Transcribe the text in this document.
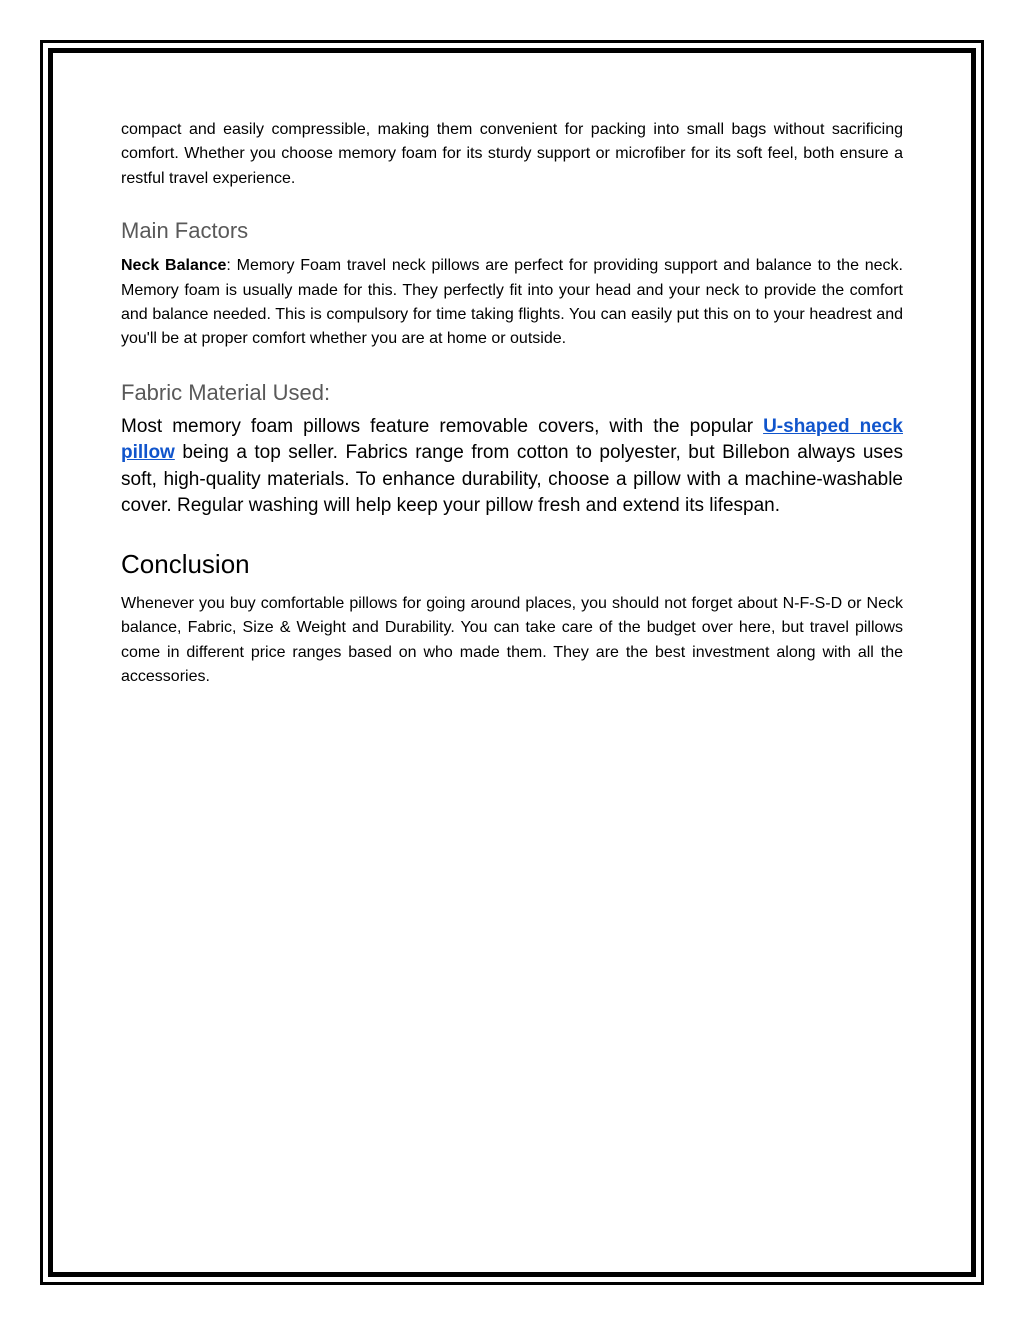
compact and easily compressible, making them convenient for packing into small bags without sacrificing comfort. Whether you choose memory foam for its sturdy support or microfiber for its soft feel, both ensure a restful travel experience.

Main Factors

Neck Balance: Memory Foam travel neck pillows are perfect for providing support and balance to the neck. Memory foam is usually made for this. They perfectly fit into your head and your neck to provide the comfort and balance needed. This is compulsory for time taking flights. You can easily put this on to your headrest and you'll be at proper comfort whether you are at home or outside.

Fabric Material Used:

Most memory foam pillows feature removable covers, with the popular U-shaped neck pillow being a top seller. Fabrics range from cotton to polyester, but Billebon always uses soft, high-quality materials. To enhance durability, choose a pillow with a machine-washable cover. Regular washing will help keep your pillow fresh and extend its lifespan.

Conclusion

Whenever you buy comfortable pillows for going around places, you should not forget about N-F-S-D or Neck balance, Fabric, Size & Weight and Durability. You can take care of the budget over here, but travel pillows come in different price ranges based on who made them. They are the best investment along with all the accessories.
